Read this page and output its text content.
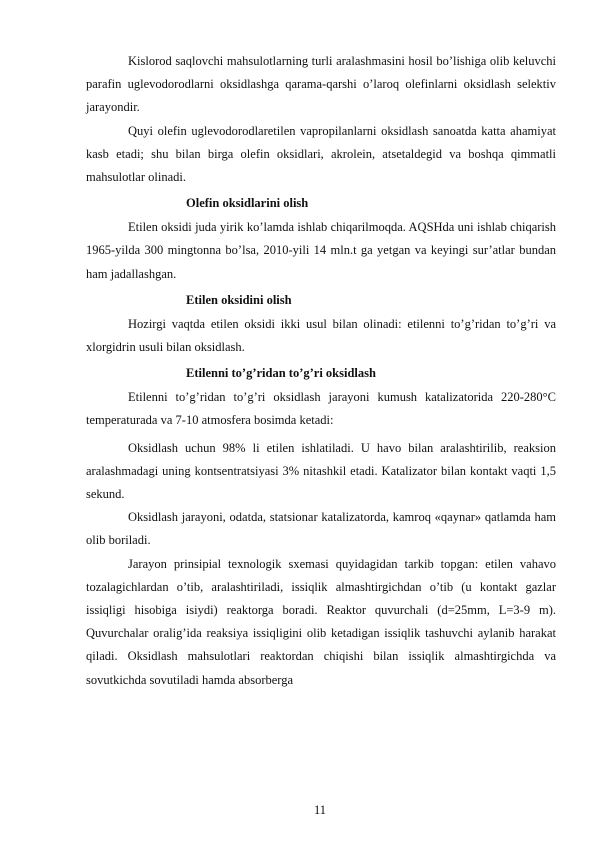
Kislorod saqlovchi mahsulotlarning turli aralashmasini hosil bo’lishiga olib keluvchi parafin uglevodorodlarni oksidlashga qarama-qarshi o’laroq olefinlarni oksidlash selektiv jarayondir.

Quyi olefin uglevodorodlaretilen vapropilanlarni oksidlash sanoatda katta ahamiyat kasb etadi; shu bilan birga olefin oksidlari, akrolein, atsetaldegid va boshqa qimmatli mahsulotlar olinadi.

Olefin oksidlarini olish

Etilen oksidi juda yirik ko’lamda ishlab chiqarilmoqda. AQSHda uni ishlab chiqarish 1965-yilda 300 mingtonna bo’lsa, 2010-yili 14 mln.t ga yetgan va keyingi sur’atlar bundan ham jadallashgan.

Etilen oksidini olish

Hozirgi vaqtda etilen oksidi ikki usul bilan olinadi: etilenni to’g’ridan to’g’ri va xlorgidrin usuli bilan oksidlash.

Etilenni to’g’ridan to’g’ri oksidlash

Etilenni to’g’ridan to’g’ri oksidlash jarayoni kumush katalizatorida 220-280°C temperaturada va 7-10 atmosfera bosimda ketadi:

Oksidlash uchun 98% li etilen ishlatiladi. U havo bilan aralashtirilib, reaksion aralashmadagi uning kontsentratsiyasi 3% nitashkil etadi. Katalizator bilan kontakt vaqti 1,5 sekund.

Oksidlash jarayoni, odatda, statsionar katalizatorda, kamroq «qaynar» qatlamda ham olib boriladi.

Jarayon prinsipial texnologik sxemasi quyidagidan tarkib topgan: etilen vahavo tozalagichlardan o’tib, aralashtiriladi, issiqlik almashtirgichdan o’tib (u kontakt gazlar issiqligi hisobiga isiydi) reaktorga boradi. Reaktor quvurchali (d=25mm, L=3-9 m). Quvurchalar oralig’ida reaksiya issiqligini olib ketadigan issiqlik tashuvchi aylanib harakat qiladi. Oksidlash mahsulotlari reaktordan chiqishi bilan issiqlik almashtirgichda va sovutkichda sovutiladi hamda absorberga

11
